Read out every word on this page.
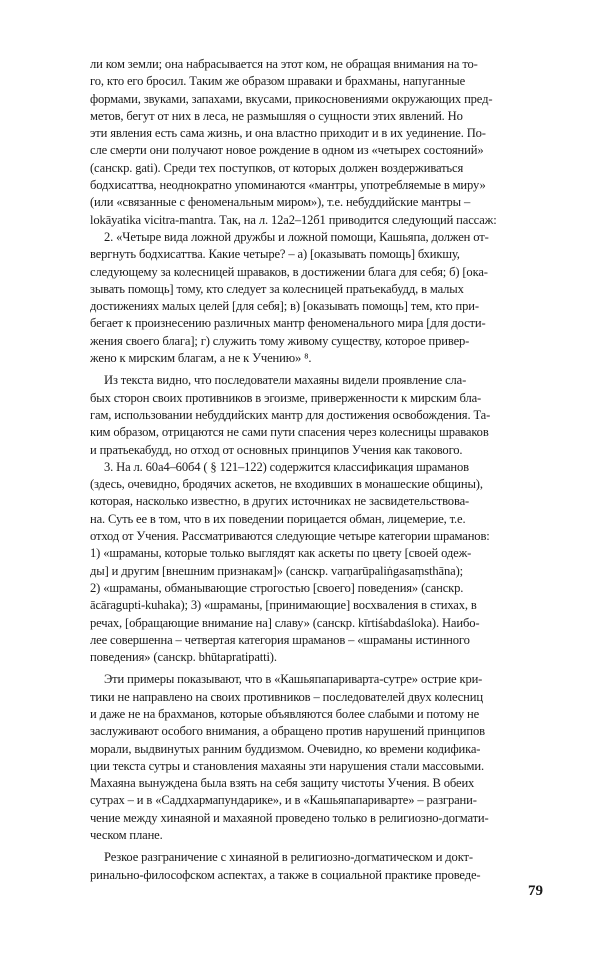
ли ком земли; она набрасывается на этот ком, не обращая внимания на то-
го, кто его бросил. Таким же образом шраваки и брахманы, напуганные
формами, звуками, запахами, вкусами, прикосновениями окружающих пред-
метов, бегут от них в леса, не размышляя о сущности этих явлений. Но
эти явления есть сама жизнь, и она властно приходит и в их уединение. По-
сле смерти они получают новое рождение в одном из «четырех состояний»
(санскр. gati). Среди тех поступков, от которых должен воздерживаться
бодхисаттва, неоднократно упоминаются «мантры, употребляемые в миру»
(или «связанные с феноменальным миром»), т.е. небуддийские мантры –
lokāyatika vicitra-mantra. Так, на л. 12а2–12б1 приводится следующий пассаж:
2. «Четыре вида ложной дружбы и ложной помощи, Кашьяпа, должен от-
вергнуть бодхисаттва. Какие четыре? – а) [оказывать помощь] бхикшу,
следующему за колесницей шраваков, в достижении блага для себя; б) [ока-
зывать помощь] тому, кто следует за колесницей пратьекабудд, в малых
достижениях малых целей [для себя]; в) [оказывать помощь] тем, кто при-
бегает к произнесению различных мантр феноменального мира [для дости-
жения своего блага]; г) служить тому живому существу, которое привер-
жено к мирским благам, а не к Учению» ⁸.
Из текста видно, что последователи махаяны видели проявление сла-
бых сторон своих противников в эгоизме, приверженности к мирским бла-
гам, использовании небуддийских мантр для достижения освобождения. Та-
ким образом, отрицаются не сами пути спасения через колесницы шраваков
и пратьекабудд, но отход от основных принципов Учения как такового.
3. На л. 60а4–60б4 ( § 121–122) содержится классификация шраманов
(здесь, очевидно, бродячих аскетов, не входивших в монашеские общины),
которая, насколько известно, в других источниках не засвидетельствова-
на. Суть ее в том, что в их поведении порицается обман, лицемерие, т.е.
отход от Учения. Рассматриваются следующие четыре категории шраманов:
1) «шраманы, которые только выглядят как аскеты по цвету [своей одеж-
ды] и другим [внешним признакам]» (санскр. varṇarūpaliṅgasaṃsthāna);
2) «шраманы, обманывающие строгостью [своего] поведения» (санскр.
ācāragupti-kuhaka); 3) «шраманы, [принимающие] восхваления в стихах, в
речах, [обращающие внимание на] славу» (санскр. kīrtiśabdaśloka). Наибо-
лее совершенна – четвертая категория шраманов – «шраманы истинного
поведения» (санскр. bhūtapratipatti).
Эти примеры показывают, что в «Кашьяпапариварта-сутре» острие кри-
тики не направлено на своих противников – последователей двух колесниц
и даже не на брахманов, которые объявляются более слабыми и потому не
заслуживают особого внимания, а обращено против нарушений принципов
морали, выдвинутых ранним буддизмом. Очевидно, ко времени кодифика-
ции текста сутры и становления махаяны эти нарушения стали массовыми.
Махаяна вынуждена была взять на себя защиту чистоты Учения. В обеих
сутрах – и в «Саддхармапундарике», и в «Кашьяпапариварте» – разграни-
чение между хинаяной и махаяной проведено только в религиозно-догмати-
ческом плане.
Резкое разграничение с хинаяной в религиозно-догматическом и докт-
ринально-философском аспектах, а также в социальной практике проведе-
79
